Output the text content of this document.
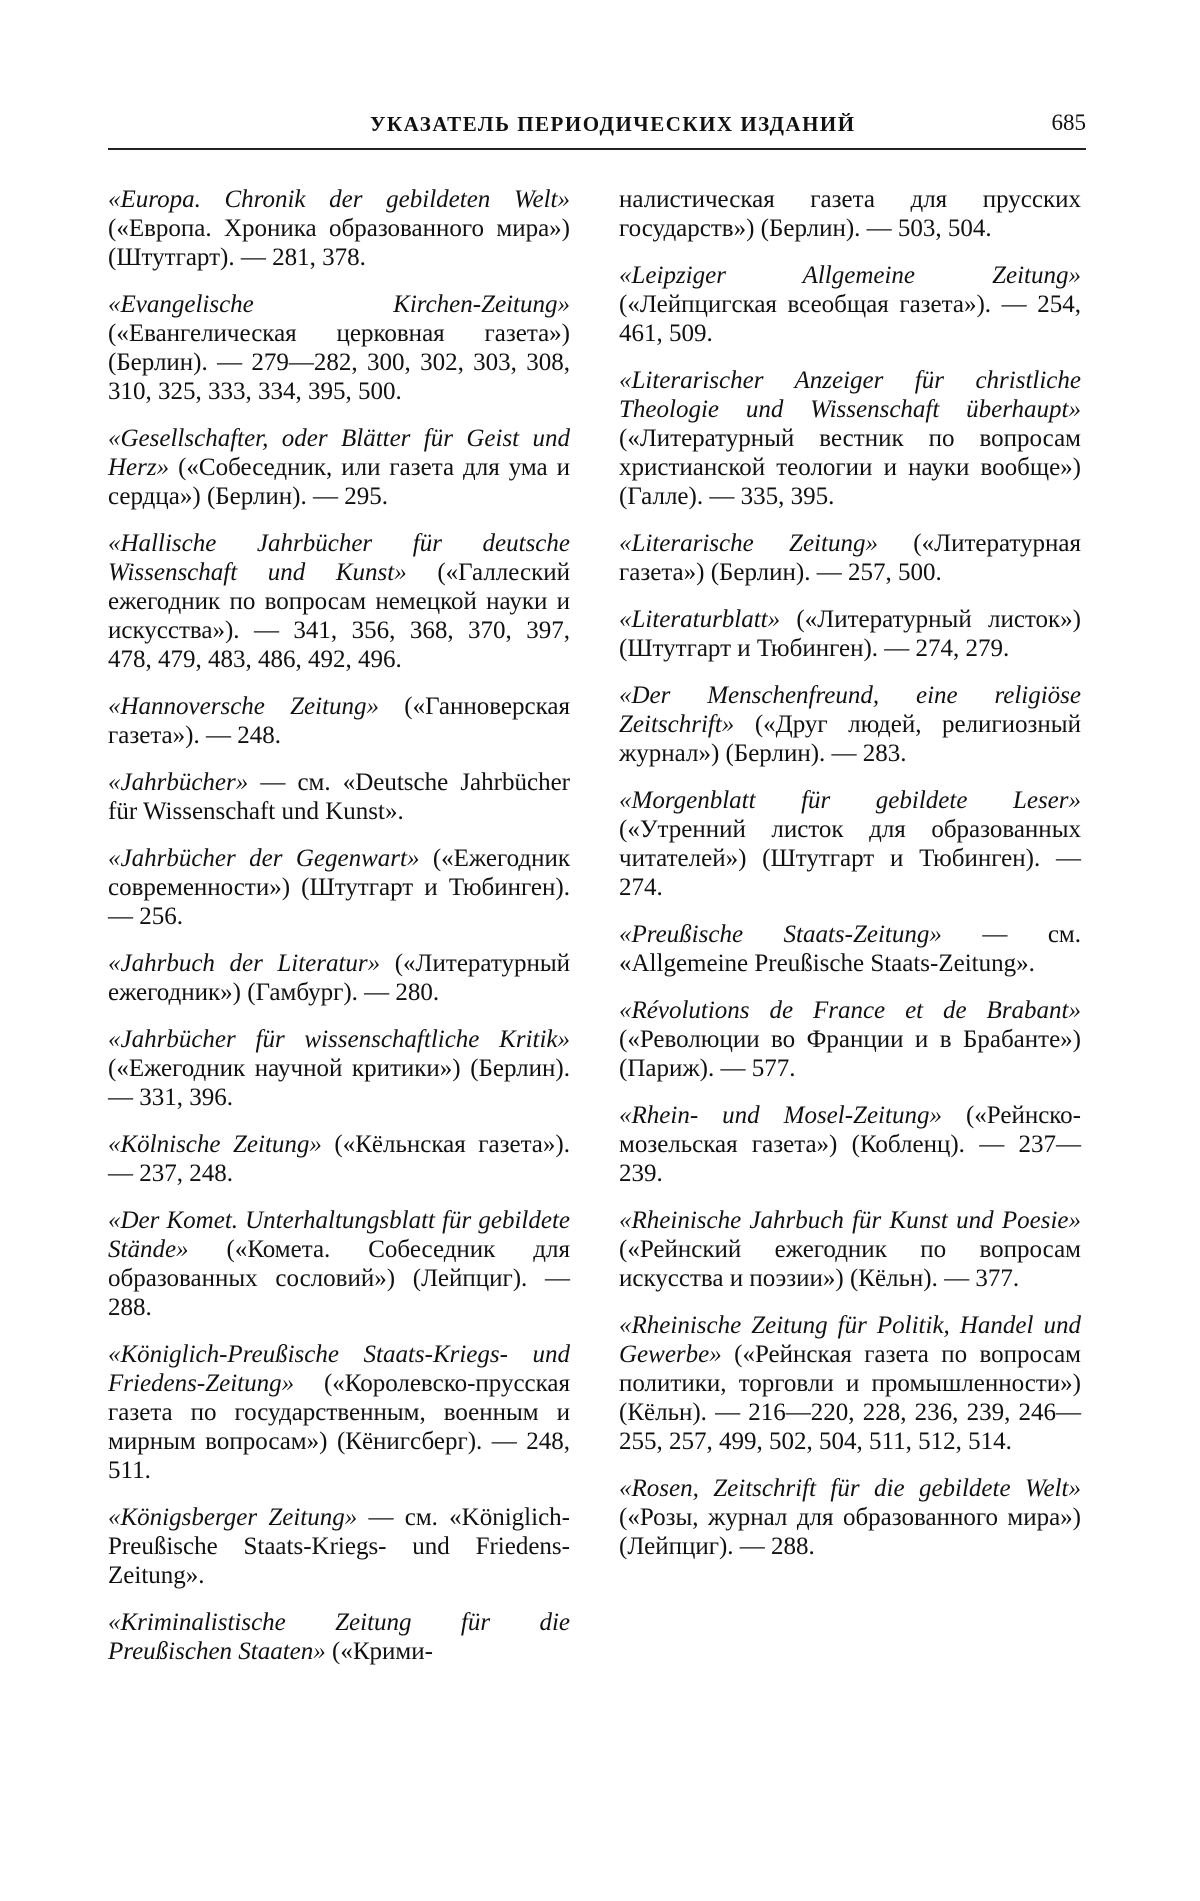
УКАЗАТЕЛЬ ПЕРИОДИЧЕСКИХ ИЗДАНИЙ	685

«Europa. Chronik der gebildeten Welt» («Европа. Хроника образованного мира») (Штутгарт). — 281, 378.

«Evangelische Kirchen-Zeitung» («Евангелическая церковная газета») (Берлин). — 279—282, 300, 302, 303, 308, 310, 325, 333, 334, 395, 500.

«Gesellschafter, oder Blätter für Geist und Herz» («Собеседник, или газета для ума и сердца») (Берлин). — 295.

«Hallische Jahrbücher für deutsche Wissenschaft und Kunst» («Галлеский ежегодник по вопросам немецкой науки и искусства»). — 341, 356, 368, 370, 397, 478, 479, 483, 486, 492, 496.

«Hannoversche Zeitung» («Ганноверская газета»). — 248.

«Jahrbücher» — см. «Deutsche Jahrbücher für Wissenschaft und Kunst».

«Jahrbücher der Gegenwart» («Ежегодник современности») (Штутгарт и Тюбинген). — 256.

«Jahrbuch der Literatur» («Литературный ежегодник») (Гамбург). — 280.

«Jahrbücher für wissenschaftliche Kritik» («Ежегодник научной критики») (Берлин). — 331, 396.

«Kölnische Zeitung» («Кёльнская газета»). — 237, 248.

«Der Komet. Unterhaltungsblatt für gebildete Stände» («Комета. Собеседник для образованных сословий») (Лейпциг). — 288.

«Königlich-Preußische Staats-Kriegs- und Friedens-Zeitung» («Королевско-прусская газета по государственным, военным и мирным вопросам») (Кёнигсберг). — 248, 511.

«Königsberger Zeitung» — см. «Königlich-Preußische Staats-Kriegs- und Friedens-Zeitung».

«Kriminalistische Zeitung für die Preußischen Staaten» («Крими-

налистическая газета для прусских государств») (Берлин). — 503, 504.

«Leipziger Allgemeine Zeitung» («Лейпцигская всеобщая газета»). — 254, 461, 509.

«Literarischer Anzeiger für christliche Theologie und Wissenschaft überhaupt» («Литературный вестник по вопросам христианской теологии и науки вообще») (Галле). — 335, 395.

«Literarische Zeitung» («Литературная газета») (Берлин). — 257, 500.

«Literaturblatt» («Литературный листок») (Штутгарт и Тюбинген). — 274, 279.

«Der Menschenfreund, eine religiöse Zeitschrift» («Друг людей, религиозный журнал») (Берлин). — 283.

«Morgenblatt für gebildete Leser» («Утренний листок для образованных читателей») (Штутгарт и Тюбинген). — 274.

«Preußische Staats-Zeitung» — см. «Allgemeine Preußische Staats-Zeitung».

«Révolutions de France et de Brabant» («Революции во Франции и в Брабанте») (Париж). — 577.

«Rhein- und Mosel-Zeitung» («Рейнско-мозельская газета») (Кобленц). — 237—239.

«Rheinische Jahrbuch für Kunst und Poesie» («Рейнский ежегодник по вопросам искусства и поэзии») (Кёльн). — 377.

«Rheinische Zeitung für Politik, Handel und Gewerbe» («Рейнская газета по вопросам политики, торговли и промышленности») (Кёльн). — 216—220, 228, 236, 239, 246—255, 257, 499, 502, 504, 511, 512, 514.

«Rosen, Zeitschrift für die gebildete Welt» («Розы, журнал для образованного мира») (Лейпциг). — 288.
